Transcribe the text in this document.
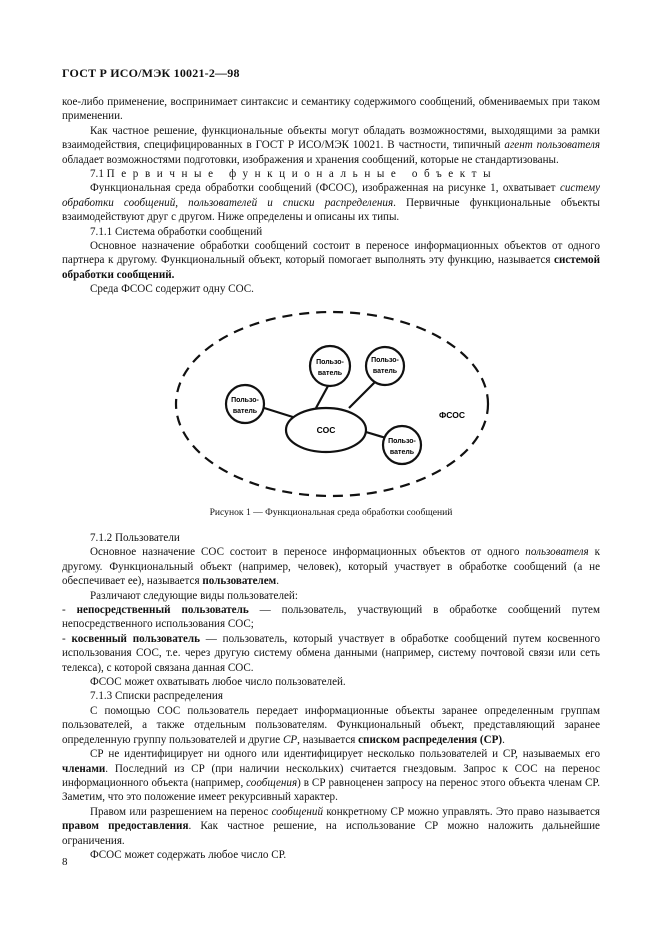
ГОСТ Р ИСО/МЭК 10021-2—98

кое-либо применение, воспринимает синтаксис и семантику содержимого сообщений, обмениваемых при таком применении.

Как частное решение, функциональные объекты могут обладать возможностями, выходящими за рамки взаимодействия, специфицированных в ГОСТ Р ИСО/МЭК 10021. В частности, типичный агент пользователя обладает возможностями подготовки, изображения и хранения сообщений, которые не стандартизованы.

7.1 Первичные функциональные объекты

Функциональная среда обработки сообщений (ФСОС), изображенная на рисунке 1, охватывает систему обработки сообщений, пользователей и списки распределения. Первичные функциональные объекты взаимодействуют друг с другом. Ниже определены и описаны их типы.

7.1.1 Система обработки сообщений

Основное назначение обработки сообщений состоит в переносе информационных объектов от одного партнера к другому. Функциональный объект, который помогает выполнять эту функцию, называется системой обработки сообщений.

Среда ФСОС содержит одну СОС.

СОС
Пользо-
ватель
Пользо-
ватель
Пользо-
ватель
Пользо-
ватель
ФСОС
Рисунок 1 — Функциональная среда обработки сообщений

7.1.2 Пользователи

Основное назначение СОС состоит в переносе информационных объектов от одного пользователя к другому. Функциональный объект (например, человек), который участвует в обработке сообщений (а не обеспечивает ее), называется пользователем.

Различают следующие виды пользователей:

- непосредственный пользователь — пользователь, участвующий в обработке сообщений путем непосредственного использования СОС;

- косвенный пользователь — пользователь, который участвует в обработке сообщений путем косвенного использования СОС, т.е. через другую систему обмена данными (например, систему почтовой связи или сеть телекса), с которой связана данная СОС.

ФСОС может охватывать любое число пользователей.

7.1.3 Списки распределения

С помощью СОС пользователь передает информационные объекты заранее определенным группам пользователей, а также отдельным пользователям. Функциональный объект, представляющий заранее определенную группу пользователей и другие СР, называется списком распределения (СР).

СР не идентифицирует ни одного или идентифицирует несколько пользователей и СР, называемых его членами. Последний из СР (при наличии нескольких) считается гнездовым. Запрос к СОС на перенос информационного объекта (например, сообщения) в СР равноценен запросу на перенос этого объекта членам СР. Заметим, что это положение имеет рекурсивный характер.

Правом или разрешением на перенос сообщений конкретному СР можно управлять. Это право называется правом предоставления. Как частное решение, на использование СР можно наложить дальнейшие ограничения.

ФСОС может содержать любое число СР.

8
